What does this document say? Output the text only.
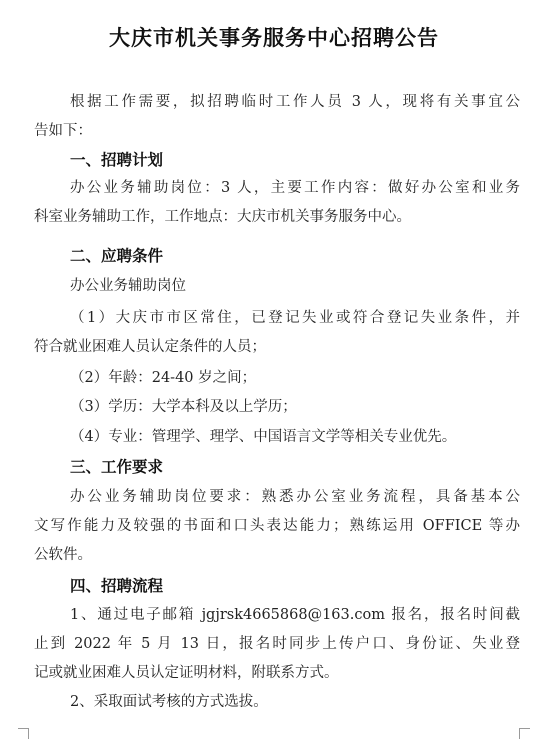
大庆市机关事务服务中心招聘公告
根据工作需要，拟招聘临时工作人员 3 人，现将有关事宜公
告如下：
一、招聘计划
办公业务辅助岗位：3 人，主要工作内容：做好办公室和业务
科室业务辅助工作，工作地点：大庆市机关事务服务中心。
二、应聘条件
办公业务辅助岗位
（1）大庆市市区常住，已登记失业或符合登记失业条件，并
符合就业困难人员认定条件的人员；
（2）年龄：24-40 岁之间；
（3）学历：大学本科及以上学历；
（4）专业：管理学、理学、中国语言文学等相关专业优先。
三、工作要求
办公业务辅助岗位要求：熟悉办公室业务流程，具备基本公
文写作能力及较强的书面和口头表达能力；熟练运用 OFFICE 等办
公软件。
四、招聘流程
1、通过电子邮箱 jgjrsk4665868@163.com 报名，报名时间截
止到 2022 年 5 月 13 日，报名时同步上传户口、身份证、失业登
记或就业困难人员认定证明材料，附联系方式。
2、采取面试考核的方式选拔。
